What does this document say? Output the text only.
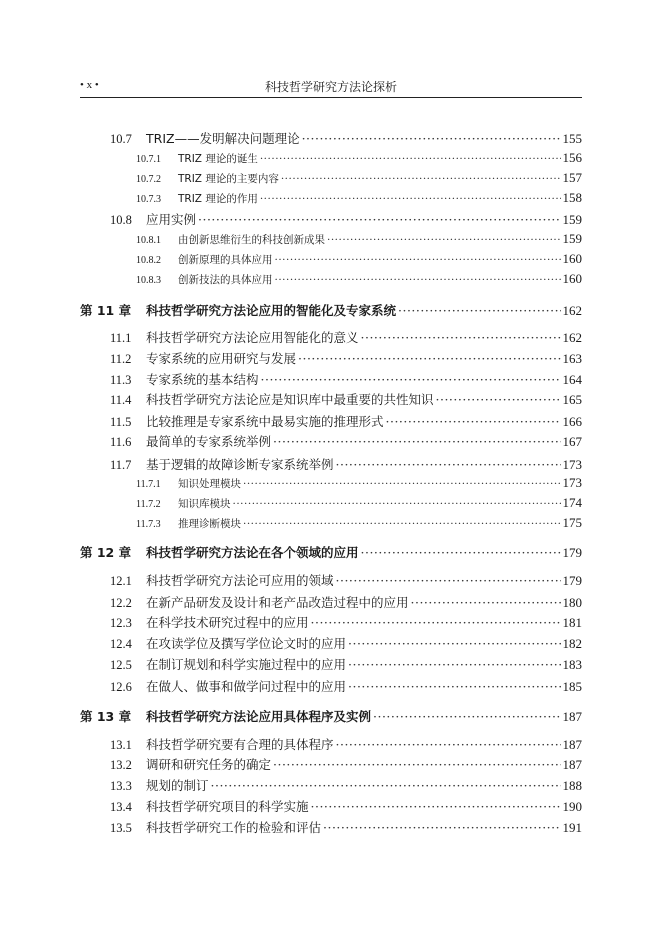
• x •	科技哲学研究方法论探析
10.7	TRIZ——发明解决问题理论 ·····	155
10.7.1	TRIZ 理论的诞生 ·····	156
10.7.2	TRIZ 理论的主要内容 ·····	157
10.7.3	TRIZ 理论的作用 ·····	158
10.8	应用实例 ·····	159
10.8.1	由创新思维衍生的科技创新成果 ·····	159
10.8.2	创新原理的具体应用 ·····	160
10.8.3	创新技法的具体应用 ·····	160
第 11 章	科技哲学研究方法论应用的智能化及专家系统 ·····	162
11.1	科技哲学研究方法论应用智能化的意义 ·····	162
11.2	专家系统的应用研究与发展 ·····	163
11.3	专家系统的基本结构 ·····	164
11.4	科技哲学研究方法论应是知识库中最重要的共性知识 ·····	165
11.5	比较推理是专家系统中最易实施的推理形式 ·····	166
11.6	最简单的专家系统举例 ·····	167
11.7	基于逻辑的故障诊断专家系统举例 ·····	173
11.7.1	知识处理模块 ·····	173
11.7.2	知识库模块 ·····	174
11.7.3	推理诊断模块 ·····	175
第 12 章	科技哲学研究方法论在各个领域的应用 ·····	179
12.1	科技哲学研究方法论可应用的领域 ·····	179
12.2	在新产品研发及设计和老产品改造过程中的应用 ·····	180
12.3	在科学技术研究过程中的应用 ·····	181
12.4	在攻读学位及撰写学位论文时的应用 ·····	182
12.5	在制订规划和科学实施过程中的应用 ·····	183
12.6	在做人、做事和做学问过程中的应用 ·····	185
第 13 章	科技哲学研究方法论应用具体程序及实例 ·····	187
13.1	科技哲学研究要有合理的具体程序 ·····	187
13.2	调研和研究任务的确定 ·····	187
13.3	规划的制订 ·····	188
13.4	科技哲学研究项目的科学实施 ·····	190
13.5	科技哲学研究工作的检验和评估 ·····	191
